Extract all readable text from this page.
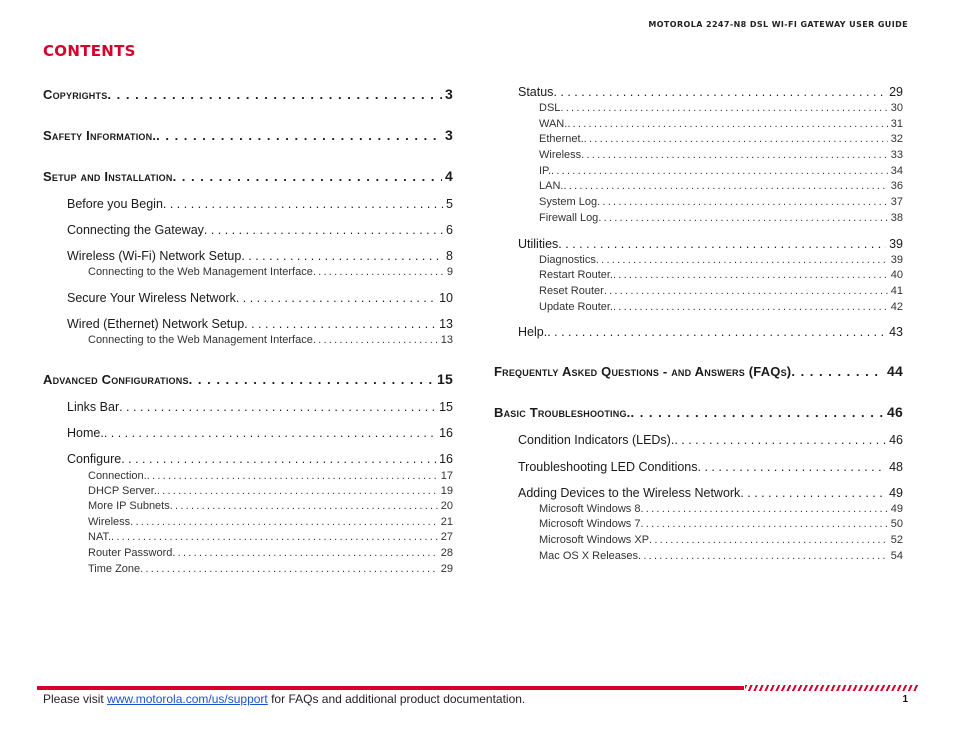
MOTOROLA 2247-N8 DSL WI-FI GATEWAY USER GUIDE
CONTENTS
Copyrights . . .	3
Safety Information. . . .	3
Setup and Installation . . .	4
Before you Begin . . .	5
Connecting the Gateway . . .	6
Wireless (Wi-Fi) Network Setup . . .	8
Connecting to the Web Management Interface . . .	9
Secure Your Wireless Network . . .	10
Wired (Ethernet) Network Setup . . .	13
Connecting to the Web Management Interface . . .	13
Advanced Configurations . . .	15
Links Bar . . .	15
Home. . . .	16
Configure . . .	16
Connection. . . .	17
DHCP Server. . . .	19
More IP Subnets . . .	20
Wireless . . .	21
NAT. . . .	27
Router Password . . .	28
Time Zone . . .	29
Status . . .	29
DSL . . .	30
WAN. . . .	31
Ethernet. . . .	32
Wireless . . .	33
IP. . . .	34
LAN. . . .	36
System Log . . .	37
Firewall Log . . .	38
Utilities . . .	39
Diagnostics . . .	39
Restart Router. . . .	40
Reset Router . . .	41
Update Router. . . .	42
Help. . . .	43
Frequently Asked Questions - and Answers (FAQs) . . .	44
Basic Troubleshooting. . . .	46
Condition Indicators (LEDs). . . .	46
Troubleshooting LED Conditions . . .	48
Adding Devices to the Wireless Network . . .	49
Microsoft Windows 8 . . .	49
Microsoft Windows 7 . . .	50
Microsoft Windows XP . . .	52
Mac OS X Releases . . .	54
Please visit www.motorola.com/us/support for FAQs and additional product documentation.	1
